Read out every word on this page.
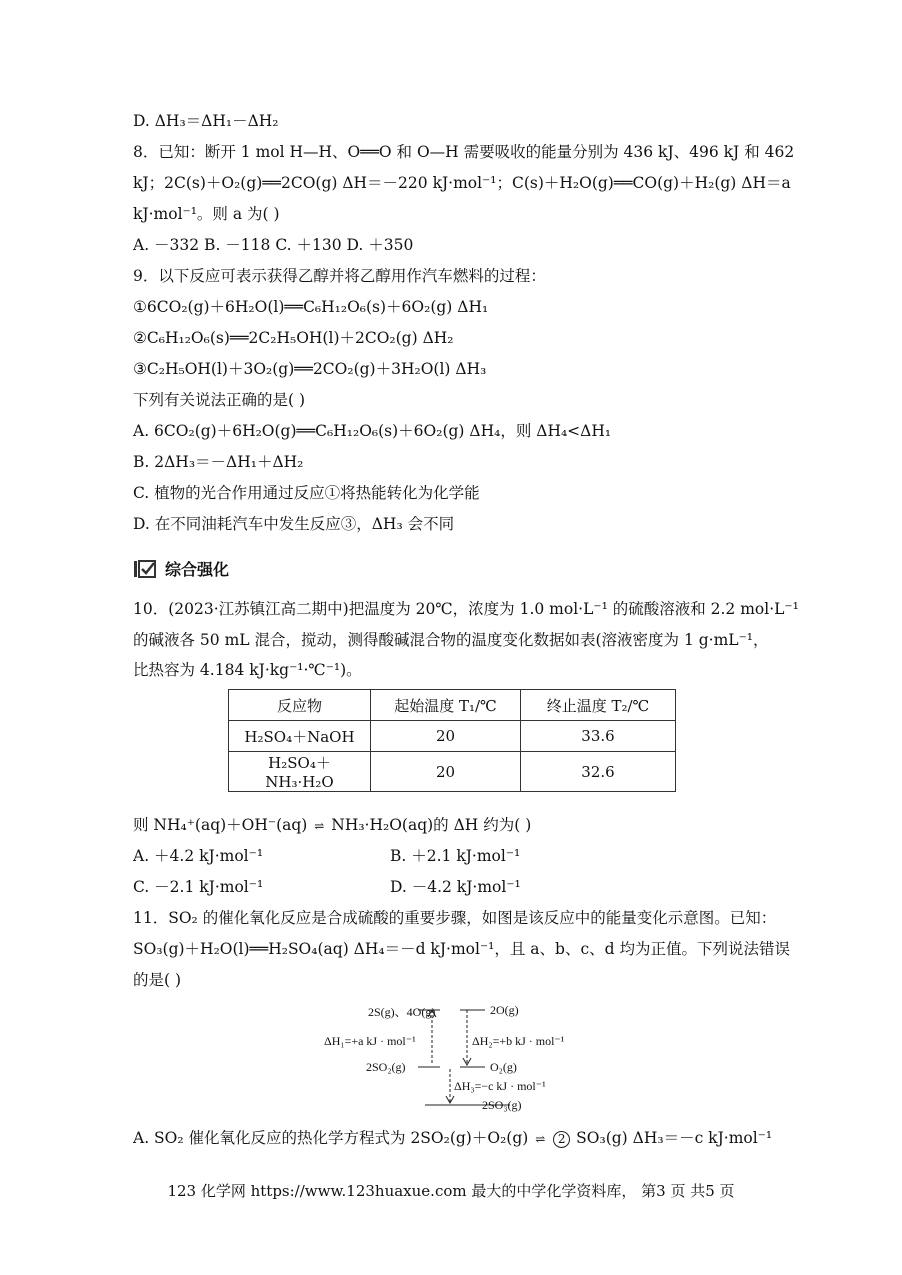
D. ΔH₃＝ΔH₁－ΔH₂
8．已知：断开 1 mol H—H、O══O 和 O—H 需要吸收的能量分别为 436 kJ、496 kJ 和 462
kJ；2C(s)＋O₂(g)══2CO(g) ΔH＝－220 kJ·mol⁻¹；C(s)＋H₂O(g)══CO(g)＋H₂(g) ΔH＝a
kJ·mol⁻¹。则 a 为( )
A. －332 B. －118 C. ＋130 D. ＋350
9．以下反应可表示获得乙醇并将乙醇用作汽车燃料的过程：
①6CO₂(g)＋6H₂O(l)══C₆H₁₂O₆(s)＋6O₂(g) ΔH₁
②C₆H₁₂O₆(s)══2C₂H₅OH(l)＋2CO₂(g) ΔH₂
③C₂H₅OH(l)＋3O₂(g)══2CO₂(g)＋3H₂O(l) ΔH₃
下列有关说法正确的是( )
A. 6CO₂(g)＋6H₂O(g)══C₆H₁₂O₆(s)＋6O₂(g) ΔH₄，则 ΔH₄<ΔH₁
B. 2ΔH₃＝－ΔH₁＋ΔH₂
C. 植物的光合作用通过反应①将热能转化为化学能
D. 在不同油耗汽车中发生反应③，ΔH₃ 会不同
综合强化
10．(2023·江苏镇江高二期中)把温度为 20℃，浓度为 1.0 mol·L⁻¹ 的硫酸溶液和 2.2 mol·L⁻¹
的碱液各 50 mL 混合，搅动，测得酸碱混合物的温度变化数据如表(溶液密度为 1 g·mL⁻¹，
比热容为 4.184 kJ·kg⁻¹·℃⁻¹)。
反应物	起始温度 T₁/℃	终止温度 T₂/℃
H₂SO₄＋NaOH	20	33.6
H₂SO₄＋NH₃·H₂O	20	32.6
则 NH₄⁺(aq)＋OH⁻(aq) ⇌ NH₃·H₂O(aq)的 ΔH 约为( )
A. ＋4.2 kJ·mol⁻¹	B. ＋2.1 kJ·mol⁻¹
C. －2.1 kJ·mol⁻¹	D. －4.2 kJ·mol⁻¹
11．SO₂ 的催化氧化反应是合成硫酸的重要步骤，如图是该反应中的能量变化示意图。已知：
SO₃(g)＋H₂O(l)══H₂SO₄(aq) ΔH₄＝－d kJ·mol⁻¹，且 a、b、c、d 均为正值。下列说法错误
的是( )
2S(g)、4O(g)	2O(g)
ΔH₁=+a kJ · mol⁻¹	ΔH₂=+b kJ · mol⁻¹
2SO₂(g)	O₂(g)
ΔH₃=−c kJ · mol⁻¹
2SO₃(g)
A. SO₂ 催化氧化反应的热化学方程式为 2SO₂(g)＋O₂(g) ⇌ 2 SO₃(g) ΔH₃＝－c kJ·mol⁻¹
123 化学网 https://www.123huaxue.com 最大的中学化学资料库， 第3 页 共5 页
